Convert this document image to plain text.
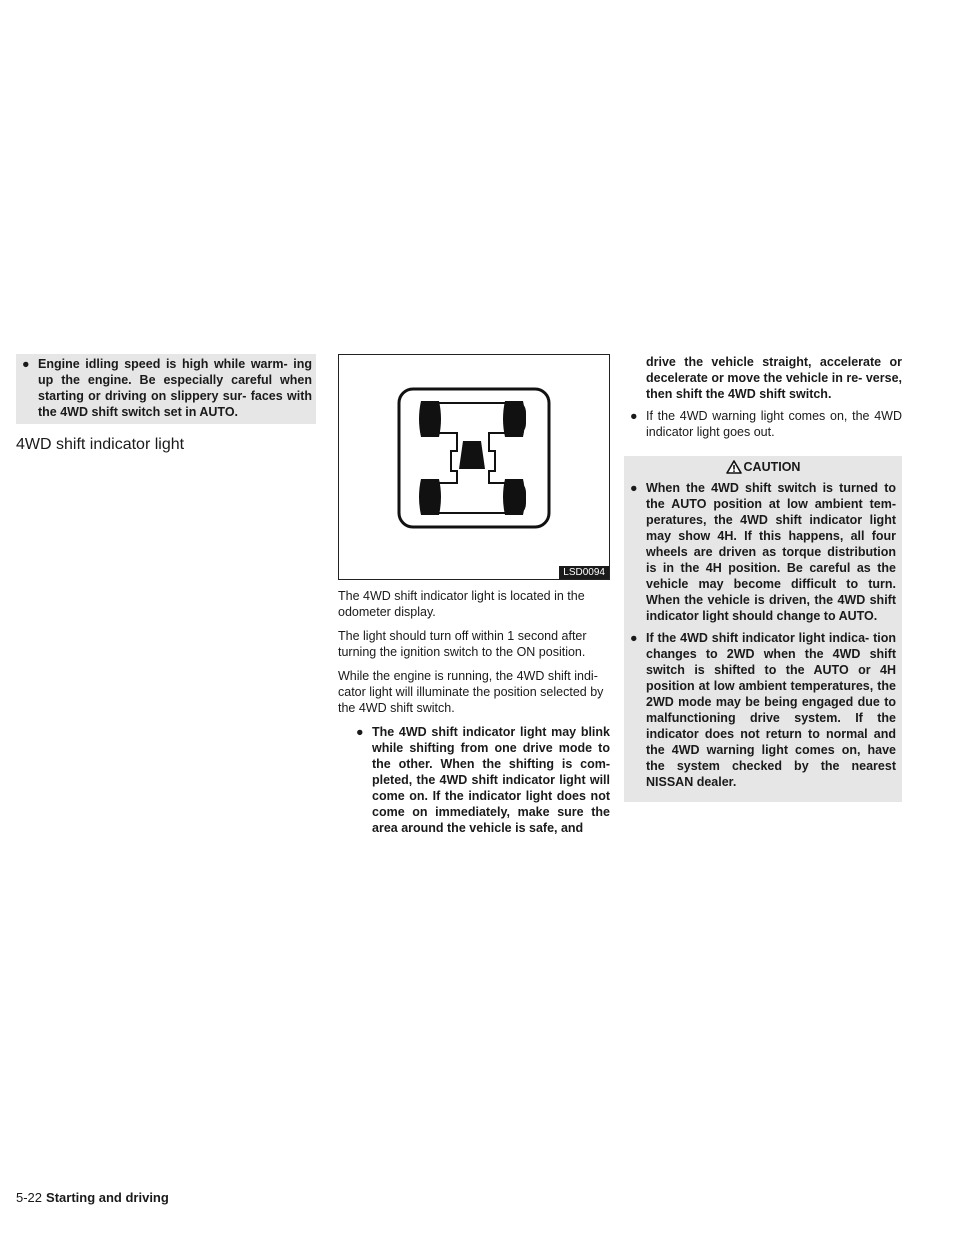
● Engine idling speed is high while warm- ing up the engine. Be especially careful when starting or driving on slippery sur- faces with the 4WD shift switch set in AUTO.
4WD shift indicator light
LSD0094

The 4WD shift indicator light is located in the odometer display.

The light should turn off within 1 second after turning the ignition switch to the ON position.

While the engine is running, the 4WD shift indi- cator light will illuminate the position selected by the 4WD shift switch.

● The 4WD shift indicator light may blink while shifting from one drive mode to the other. When the shifting is com- pleted, the 4WD shift indicator light will come on. If the indicator light does not come on immediately, make sure the area around the vehicle is safe, and
drive the vehicle straight, accelerate or decelerate or move the vehicle in re- verse, then shift the 4WD shift switch.
● If the 4WD warning light comes on, the 4WD indicator light goes out.
CAUTION
● When the 4WD shift switch is turned to the AUTO position at low ambient tem- peratures, the 4WD shift indicator light may show 4H. If this happens, all four wheels are driven as torque distribution is in the 4H position. Be careful as the vehicle may become difficult to turn. When the vehicle is driven, the 4WD shift indicator light should change to AUTO.
● If the 4WD shift indicator light indica- tion changes to 2WD when the 4WD shift switch is shifted to the AUTO or 4H position at low ambient temperatures, the 2WD mode may be being engaged due to malfunctioning drive system. If the indicator does not return to normal and the 4WD warning light comes on, have the system checked by the nearest NISSAN dealer.
5-22 Starting and driving
